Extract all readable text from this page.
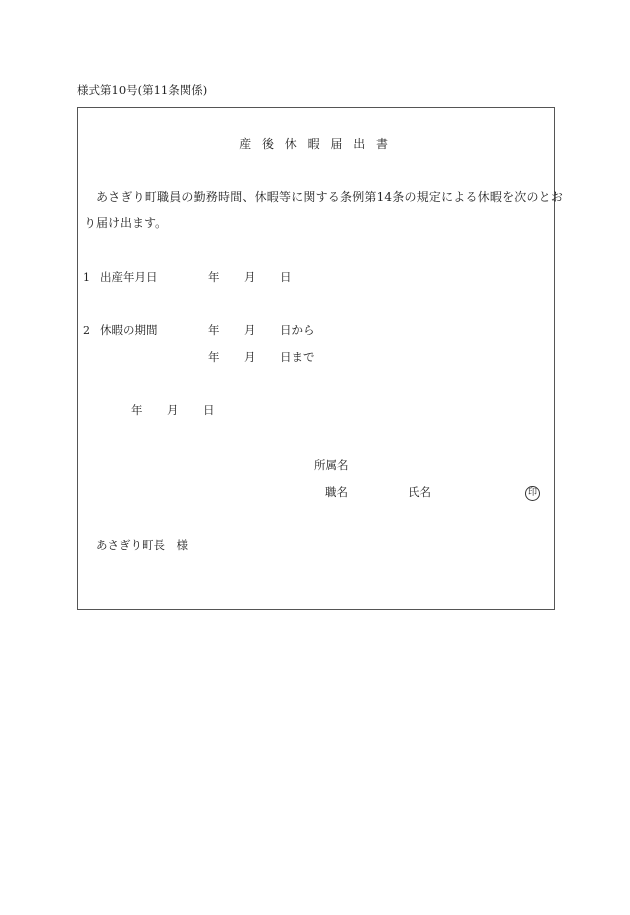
様式第10号(第11条関係)
産後休暇届出書
あさぎり町職員の勤務時間、休暇等に関する条例第14条の規定による休暇を次のとお
り届け出ます。
1 出産年月日	年 月 日
2 休暇の期間	年 月 日から
年 月 日まで
年 月 日
所属名
職名	氏名	印
あさぎり町長　様
